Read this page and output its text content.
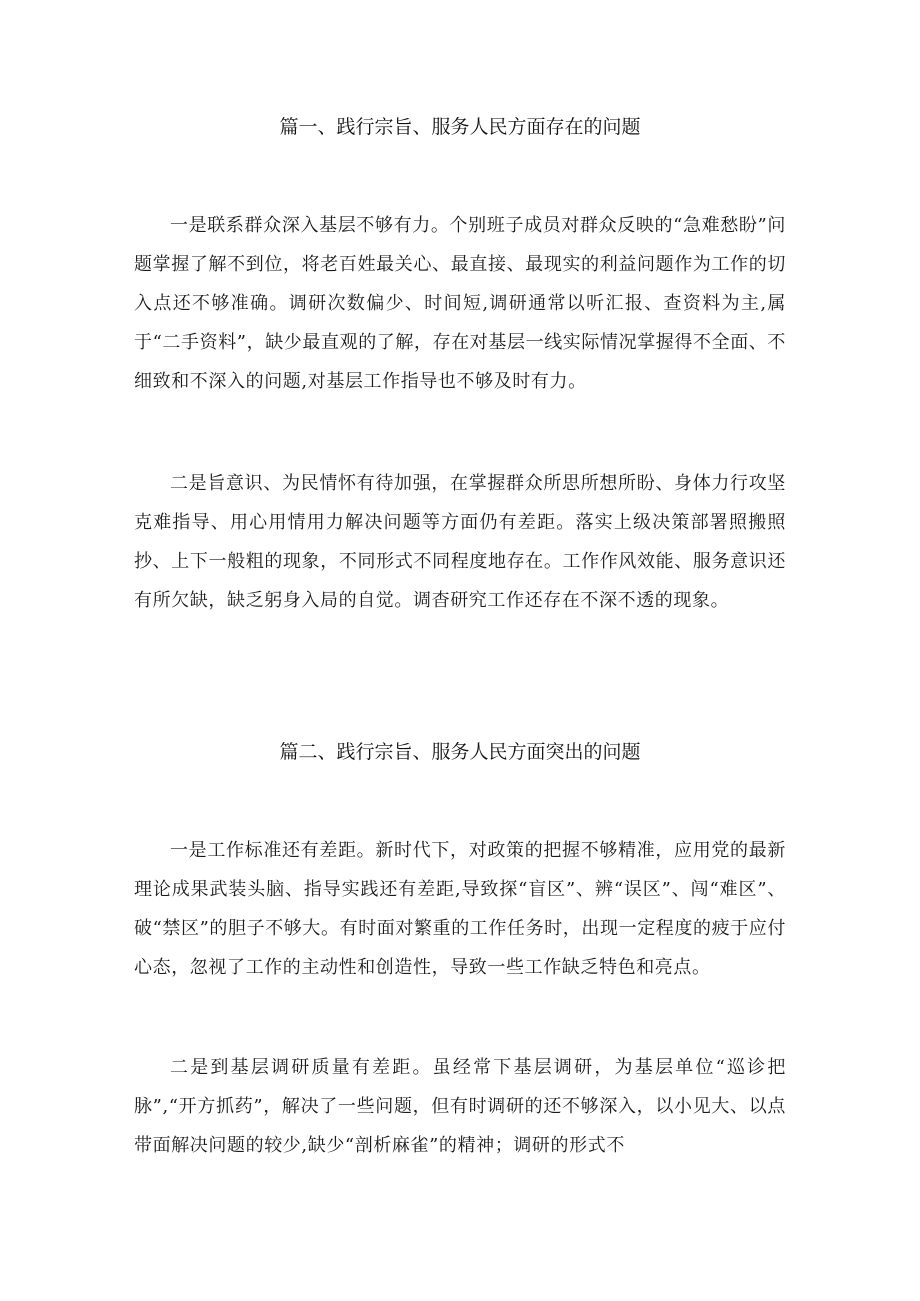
篇一、践行宗旨、服务人民方面存在的问题

一是联系群众深入基层不够有力。个别班子成员对群众反映的“急难愁盼”问题掌握了解不到位，将老百姓最关心、最直接、最现实的利益问题作为工作的切入点还不够准确。调研次数偏少、时间短,调研通常以听汇报、查资料为主,属于“二手资料”，缺少最直观的了解，存在对基层一线实际情况掌握得不全面、不细致和不深入的问题,对基层工作指导也不够及时有力。

二是旨意识、为民情怀有待加强，在掌握群众所思所想所盼、身体力行攻坚克难指导、用心用情用力解决问题等方面仍有差距。落实上级决策部署照搬照抄、上下一般粗的现象，不同形式不同程度地存在。工作作风效能、服务意识还有所欠缺，缺乏躬身入局的自觉。调杳研究工作还存在不深不透的现象。

篇二、践行宗旨、服务人民方面突出的问题

一是工作标准还有差距。新时代下，对政策的把握不够精准，应用党的最新理论成果武装头脑、指导实践还有差距,导致探“盲区”、辨“误区”、闯“难区”、破“禁区”的胆子不够大。有时面对繁重的工作任务时，出现一定程度的疲于应付心态，忽视了工作的主动性和创造性，导致一些工作缺乏特色和亮点。

二是到基层调研质量有差距。虽经常下基层调研，为基层单位“巡诊把脉”,“开方抓药”，解决了一些问题，但有时调研的还不够深入，以小见大、以点带面解决问题的较少,缺少“剖析麻雀”的精神；调研的形式不
